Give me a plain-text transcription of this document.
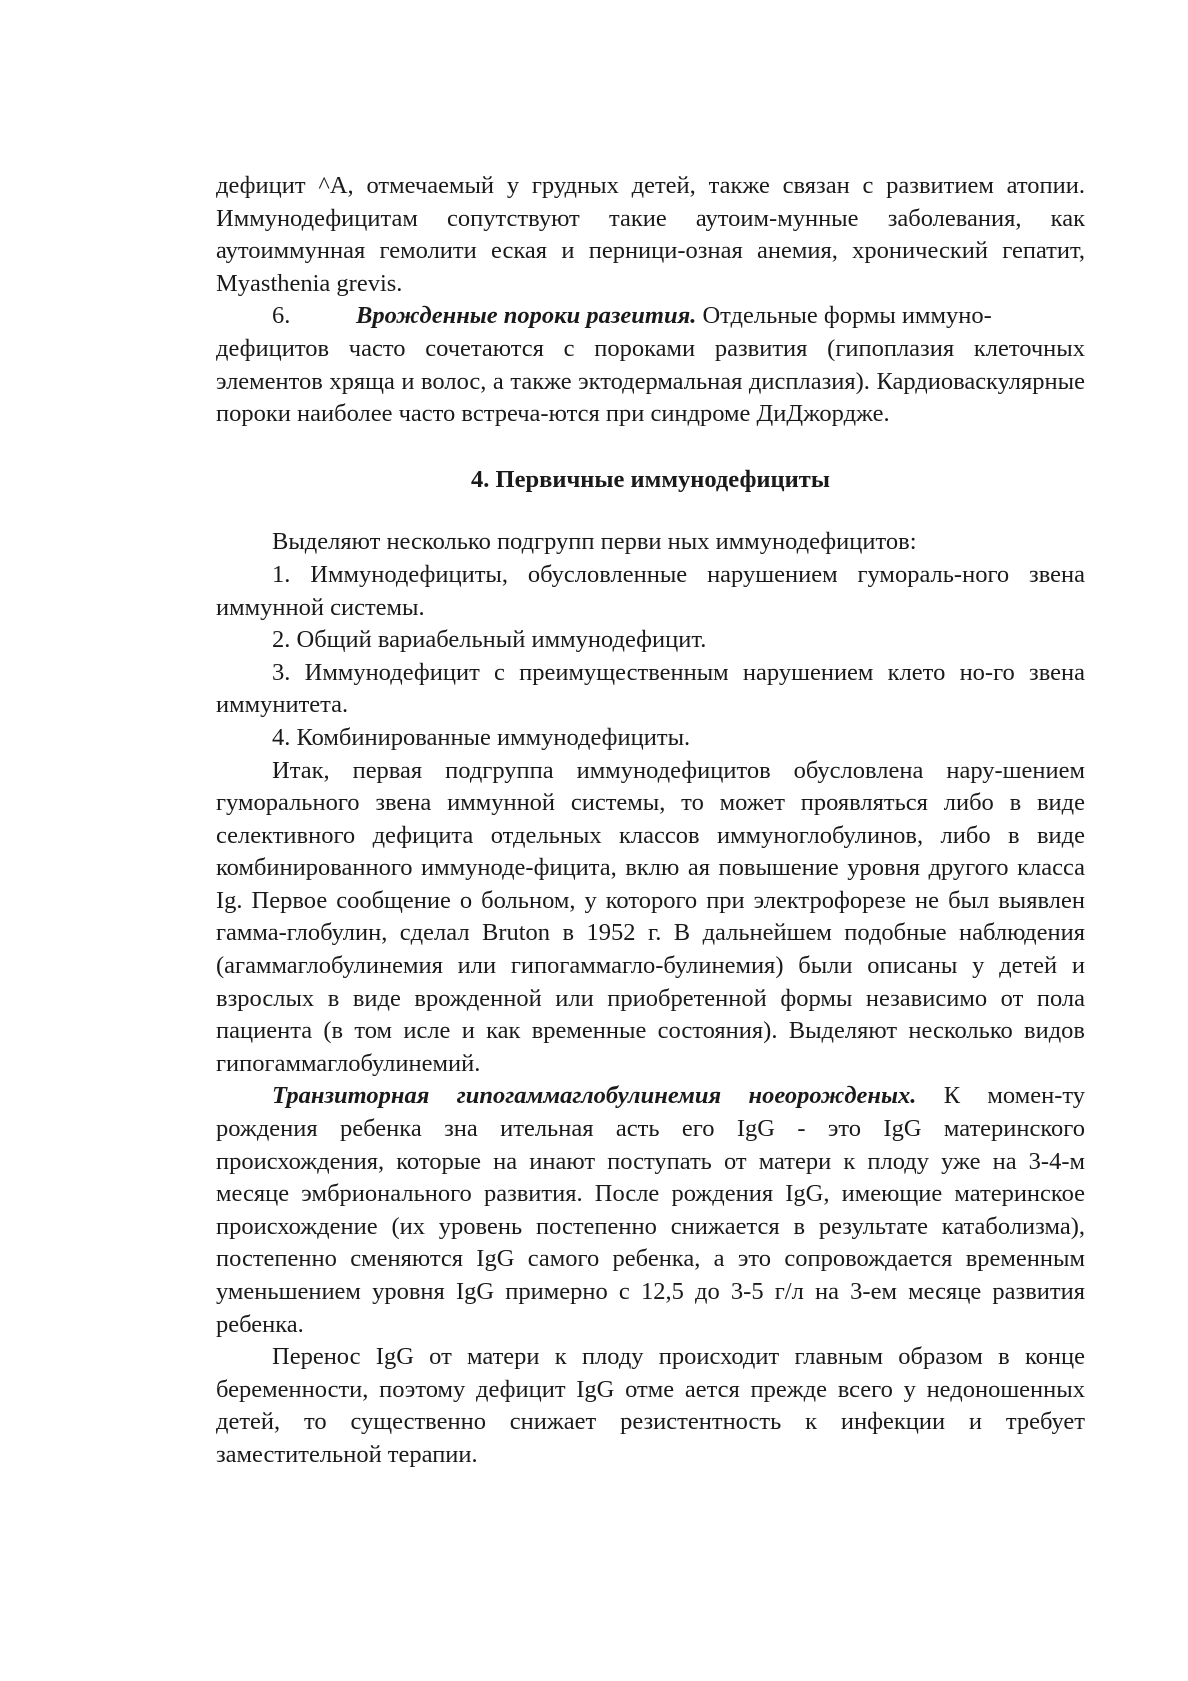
дефицит ^А, отмечаемый у грудных детей, также связан с развитием атопии. Иммунодефицитам сопутствуют такие аутоим-мунные заболевания, как аутоиммунная гемолити еская и перници-озная анемия, хронический гепатит, Myasthenia grevis.

6.	Врожденные пороки разеития.
Отдельные формы иммуно-

дефицитов часто сочетаются с пороками развития (гипоплазия клеточных элементов хряща и волос, а также эктодермальная дисплазия). Кардиоваскулярные пороки наиболее часто встреча-ются при синдроме ДиДжордже.

4. Первичные иммунодефициты

Выделяют несколько подгрупп перви ных иммунодефицитов:

1. Иммунодефициты, обусловленные нарушением гумораль-ного звена иммунной системы.

2. Общий вариабельный иммунодефицит.

3. Иммунодефицит с преимущественным нарушением клето но-го звена иммунитета.

4. Комбинированные иммунодефициты.

Итак, первая подгруппа иммунодефицитов обусловлена нару-шением гуморального звена иммунной системы, то может проявляться либо в виде селективного дефицита отдельных классов иммуноглобулинов, либо в виде комбинированного иммуноде-фицита, вклю ая повышение уровня другого класса Ig. Первое сообщение о больном, у которого при электрофорезе не был выявлен гамма-глобулин, сделал Bruton в 1952 г. В дальнейшем подобные наблюдения (агаммаглобулинемия или гипогаммагло-булинемия) были описаны у детей и взрослых в виде врожденной или приобретенной формы независимо от пола пациента (в том исле и как временные состояния). Выделяют несколько видов гипогаммаглобулинемий.

Транзиторная гипогаммаглобулинемия ноеорожденых. К момен-ту рождения ребенка зна ительная асть его IgG - это IgG материнского происхождения, которые на инают поступать от матери к плоду уже на 3-4-м месяце эмбрионального развития. После рождения IgG, имеющие материнское происхождение (их уровень постепенно снижается в результате катаболизма), постепенно сменяются IgG самого ребенка, а это сопровождается временным уменьшением уровня IgG примерно с 12,5 до 3-5 г/л на 3-ем месяце развития ребенка.

Перенос IgG от матери к плоду происходит главным образом в конце беременности, поэтому дефицит IgG отме ается прежде всего у недоношенных детей, то существенно снижает резистентность к инфекции и требует заместительной терапии.
